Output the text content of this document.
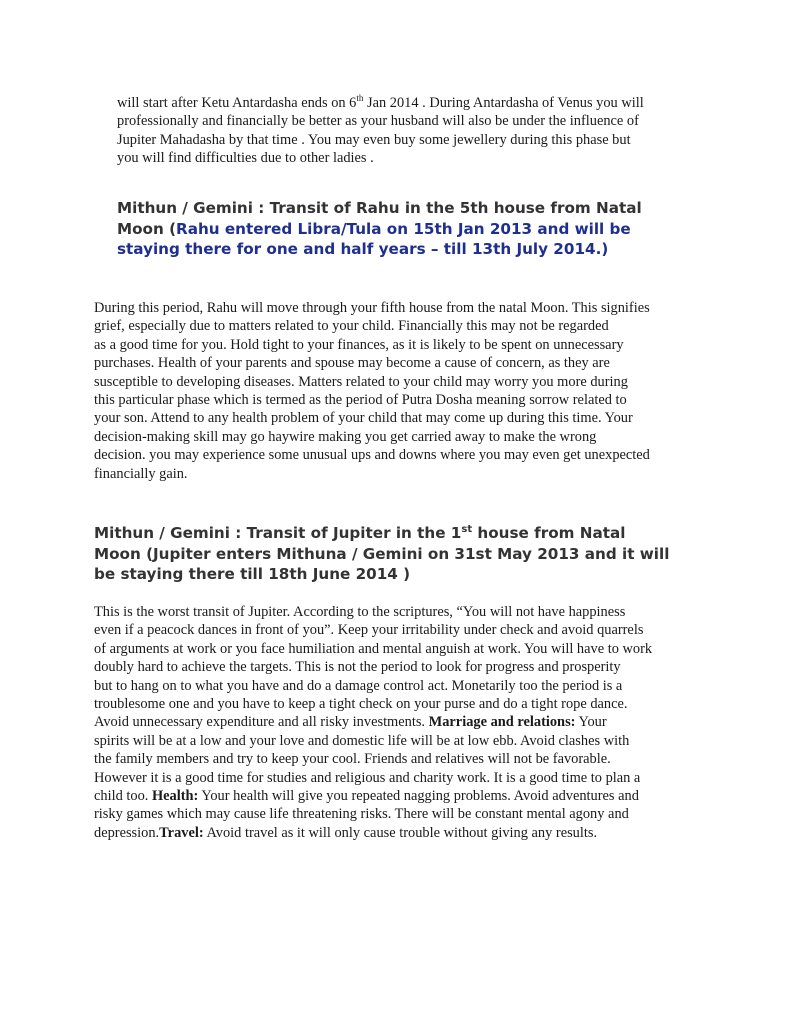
will start after Ketu Antardasha ends on 6th Jan 2014 . During Antardasha of Venus you will
professionally and financially be better as your husband will also be under the influence of
Jupiter Mahadasha by that time . You may even buy some jewellery during this phase but
you will find difficulties due to other ladies .
Mithun / Gemini : Transit of Rahu in the 5th house from Natal
Moon (Rahu entered Libra/Tula on 15th Jan 2013 and will be
staying there for one and half years – till 13th July 2014.)
During this period, Rahu will move through your fifth house from the natal Moon. This signifies
grief, especially due to matters related to your child. Financially this may not be regarded
as a good time for you. Hold tight to your finances, as it is likely to be spent on unnecessary
purchases. Health of your parents and spouse may become a cause of concern, as they are
susceptible to developing diseases. Matters related to your child may worry you more during
this particular phase which is termed as the period of Putra Dosha meaning sorrow related to
your son. Attend to any health problem of your child that may come up during this time. Your
decision-making skill may go haywire making you get carried away to make the wrong
decision. you may experience some unusual ups and downs where you may even get unexpected
financially gain.
Mithun / Gemini : Transit of Jupiter in the 1st house from Natal
Moon (Jupiter enters Mithuna / Gemini on 31st May 2013 and it will
be staying there till 18th June 2014 )
This is the worst transit of Jupiter. According to the scriptures, “You will not have happiness
even if a peacock dances in front of you”. Keep your irritability under check and avoid quarrels
of arguments at work or you face humiliation and mental anguish at work. You will have to work
doubly hard to achieve the targets. This is not the period to look for progress and prosperity
but to hang on to what you have and do a damage control act. Monetarily too the period is a
troublesome one and you have to keep a tight check on your purse and do a tight rope dance.
Avoid unnecessary expenditure and all risky investments. Marriage and relations: Your
spirits will be at a low and your love and domestic life will be at low ebb. Avoid clashes with
the family members and try to keep your cool. Friends and relatives will not be favorable.
However it is a good time for studies and religious and charity work. It is a good time to plan a
child too. Health: Your health will give you repeated nagging problems. Avoid adventures and
risky games which may cause life threatening risks. There will be constant mental agony and
depression.Travel: Avoid travel as it will only cause trouble without giving any results.
